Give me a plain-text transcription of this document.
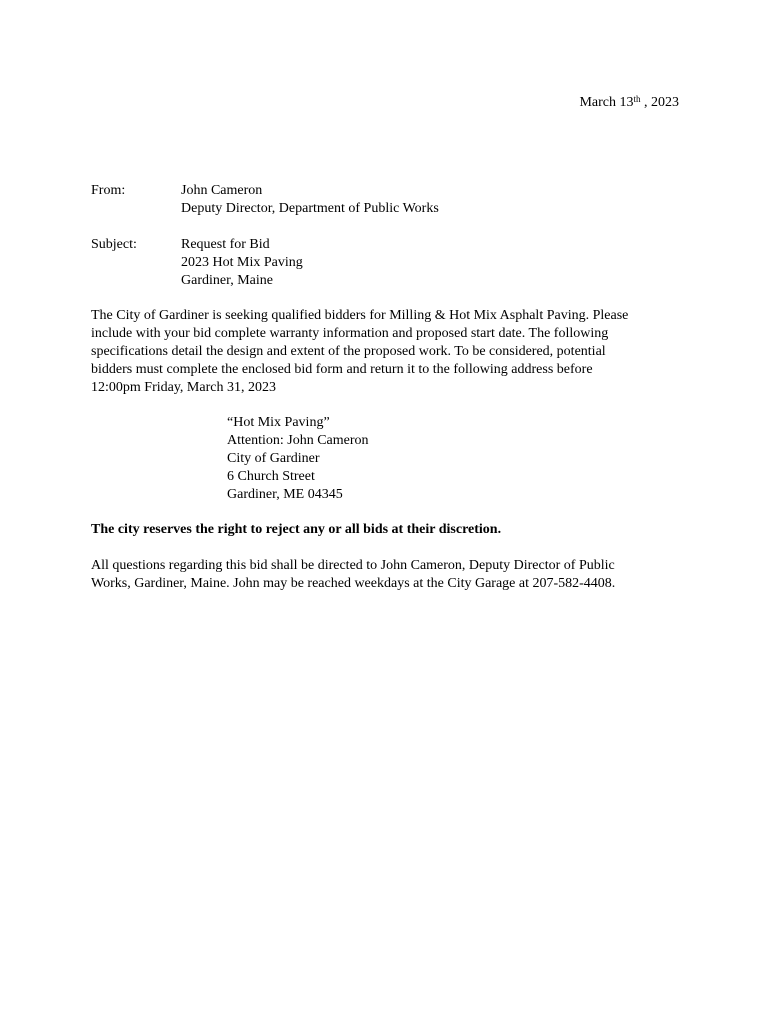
March 13th , 2023
From:	John Cameron
Deputy Director, Department of Public Works
Subject:	Request for Bid
2023 Hot Mix Paving
Gardiner, Maine
The City of Gardiner is seeking qualified bidders for Milling & Hot Mix Asphalt Paving. Please
include with your bid complete warranty information and proposed start date. The following
specifications detail the design and extent of the proposed work. To be considered, potential
bidders must complete the enclosed bid form and return it to the following address before
12:00pm Friday, March 31, 2023
“Hot Mix Paving”
Attention: John Cameron
City of Gardiner
6 Church Street
Gardiner, ME 04345
The city reserves the right to reject any or all bids at their discretion.
All questions regarding this bid shall be directed to John Cameron, Deputy Director of Public
Works, Gardiner, Maine. John may be reached weekdays at the City Garage at 207-582-4408.
